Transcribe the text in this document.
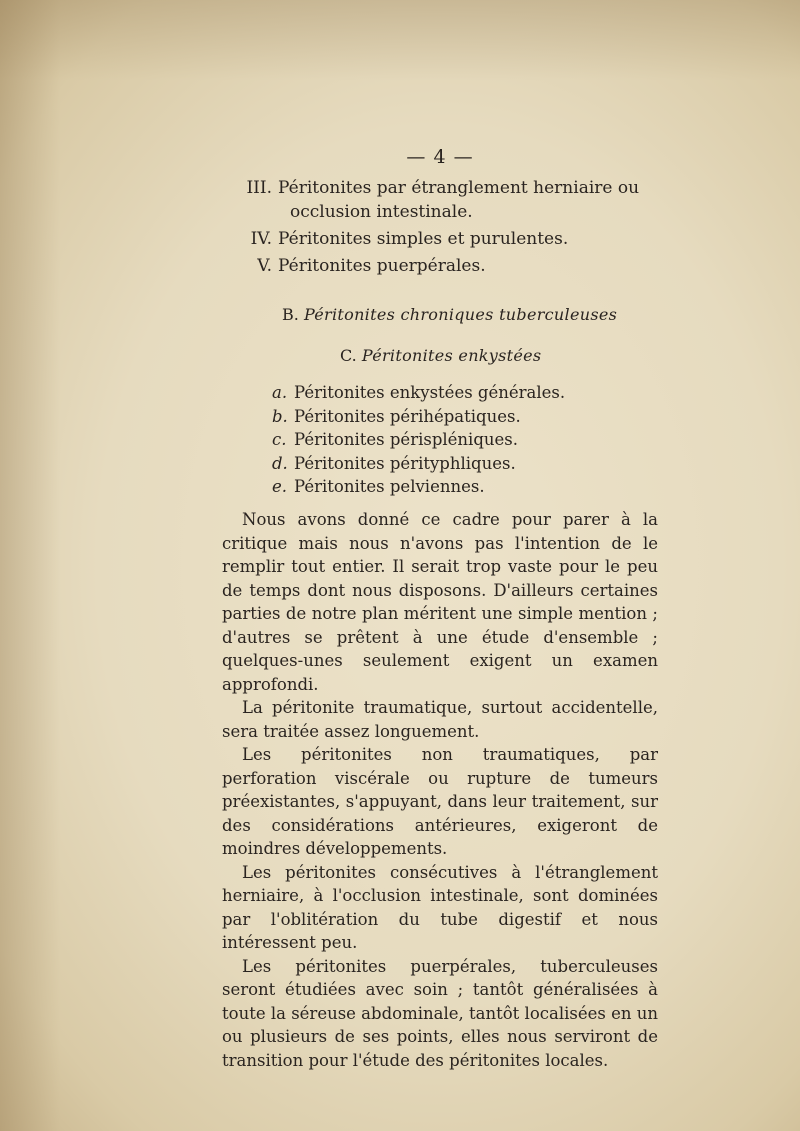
— 4 —
III. Péritonites par étranglement herniaire ou
occlusion intestinale.
IV. Péritonites simples et purulentes.
V. Péritonites puerpérales.
B. Péritonites chroniques tuberculeuses
C. Péritonites enkystées
a. Péritonites enkystées générales.
b. Péritonites périhépatiques.
c. Péritonites périspléniques.
d. Péritonites pérityphliques.
e. Péritonites pelviennes.

Nous avons donné ce cadre pour parer à la critique mais nous n'avons pas l'intention de le remplir tout entier. Il serait trop vaste pour le peu de temps dont nous disposons. D'ailleurs certaines parties de notre plan méritent une simple mention ; d'autres se prêtent à une étude d'ensemble ; quelques-unes seulement exigent un examen approfondi.

La péritonite traumatique, surtout accidentelle, sera traitée assez longuement.

Les péritonites non traumatiques, par perforation viscérale ou rupture de tumeurs préexistantes, s'appuyant, dans leur traitement, sur des considérations antérieures, exigeront de moindres développements.

Les péritonites consécutives à l'étranglement herniaire, à l'occlusion intestinale, sont dominées par l'oblitération du tube digestif et nous intéressent peu.

Les péritonites puerpérales, tuberculeuses seront étudiées avec soin ; tantôt généralisées à toute la séreuse abdominale, tantôt localisées en un ou plusieurs de ses points, elles nous serviront de transition pour l'étude des péritonites locales.
